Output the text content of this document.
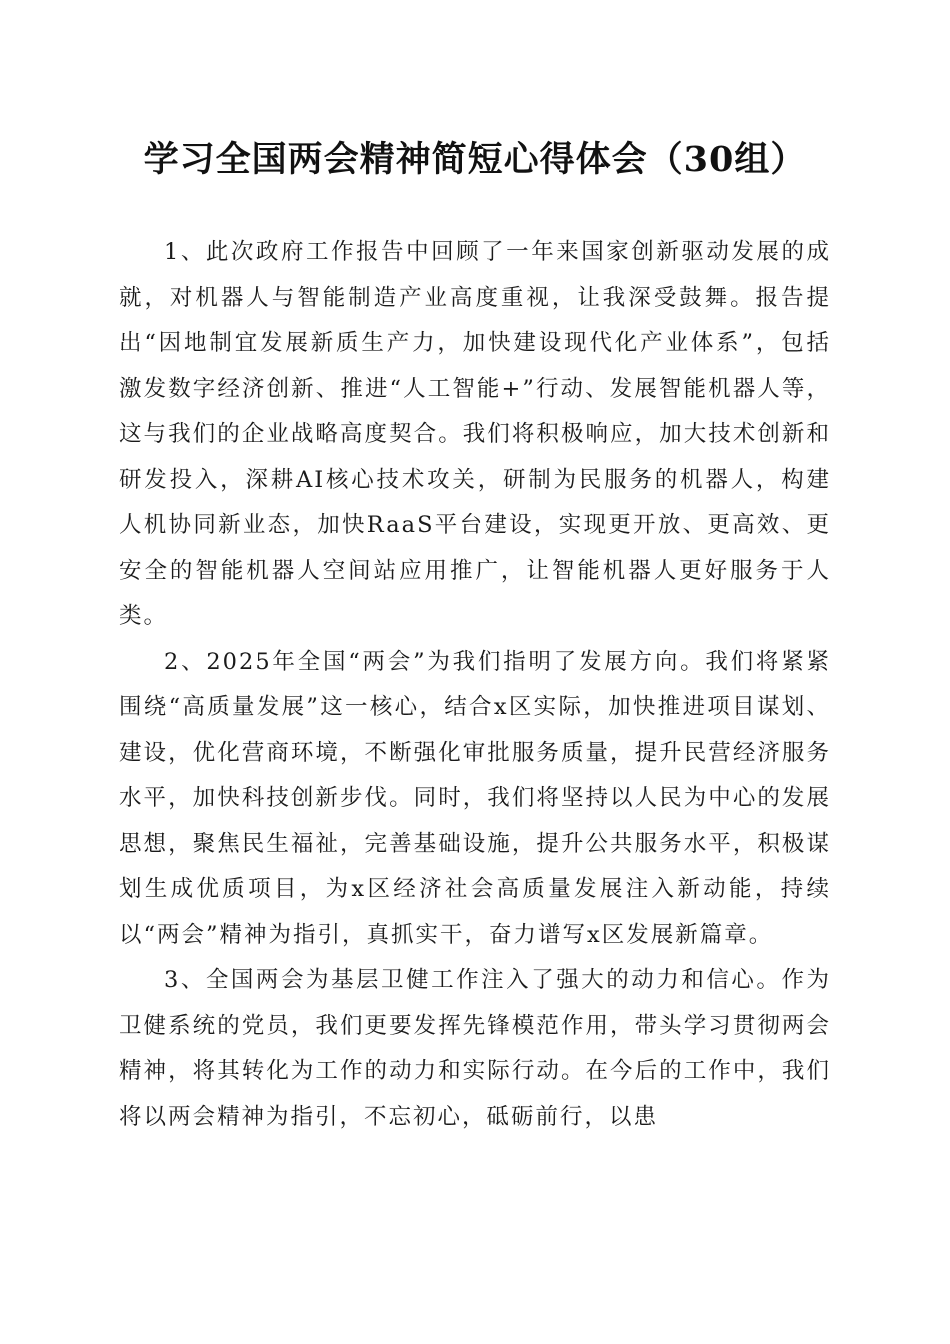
学习全国两会精神简短心得体会（30组）

1、此次政府工作报告中回顾了一年来国家创新驱动发展的成就，对机器人与智能制造产业高度重视，让我深受鼓舞。报告提出“因地制宜发展新质生产力，加快建设现代化产业体系”，包括激发数字经济创新、推进“人工智能+”行动、发展智能机器人等，这与我们的企业战略高度契合。我们将积极响应，加大技术创新和研发投入，深耕AI核心技术攻关，研制为民服务的机器人，构建人机协同新业态，加快RaaS平台建设，实现更开放、更高效、更安全的智能机器人空间站应用推广，让智能机器人更好服务于人类。

2、2025年全国“两会”为我们指明了发展方向。我们将紧紧围绕“高质量发展”这一核心，结合x区实际，加快推进项目谋划、建设，优化营商环境，不断强化审批服务质量，提升民营经济服务水平，加快科技创新步伐。同时，我们将坚持以人民为中心的发展思想，聚焦民生福祉，完善基础设施，提升公共服务水平，积极谋划生成优质项目，为x区经济社会高质量发展注入新动能，持续以“两会”精神为指引，真抓实干，奋力谱写x区发展新篇章。

3、全国两会为基层卫健工作注入了强大的动力和信心。作为卫健系统的党员，我们更要发挥先锋模范作用，带头学习贯彻两会精神，将其转化为工作的动力和实际行动。在今后的工作中，我们将以两会精神为指引，不忘初心，砥砺前行，以患
